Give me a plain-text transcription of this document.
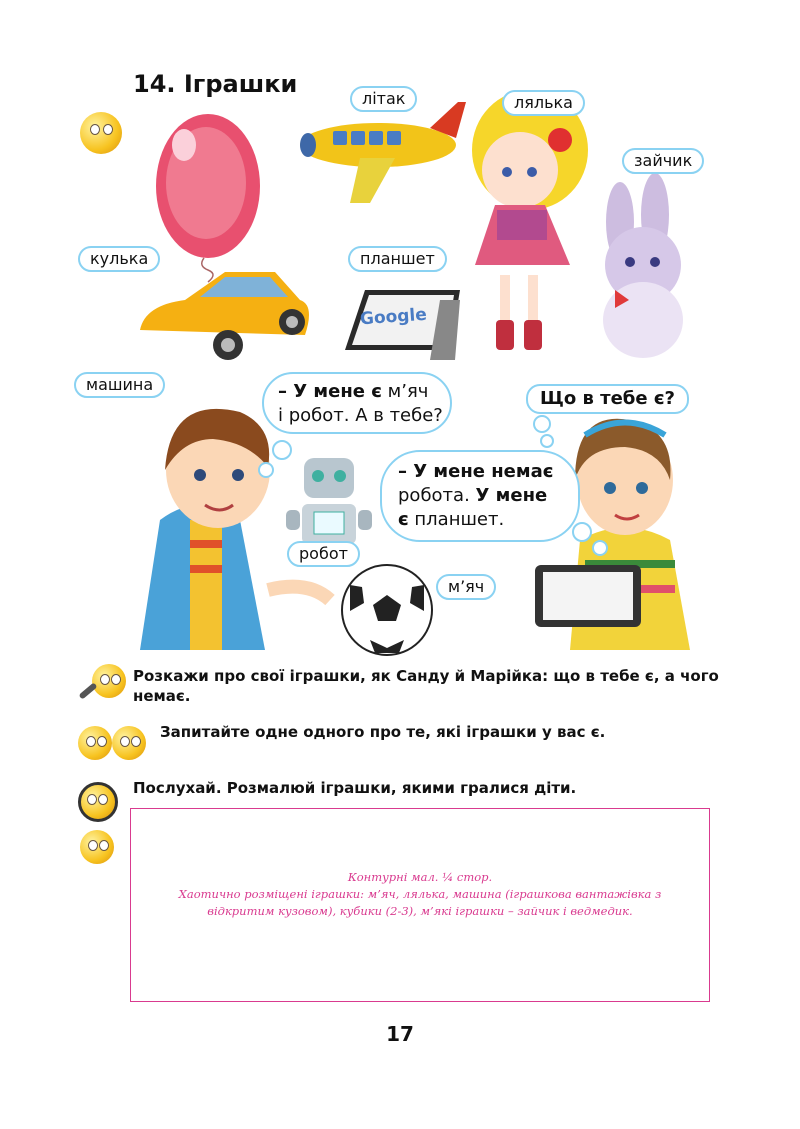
14. Іграшки
Google
літак	лялька
зайчик
кулька	планшет
машина
робот
м’яч
– У мене є м’яч
і робот. А в тебе?
Що в тебе є?
– У мене немає
робота. У мене
є планшет.
Розкажи про свої іграшки, як Санду й Марійка: що в тебе є, а чого немає.
Запитайте одне одного про те, які іграшки у вас є.
Послухай. Розмалюй іграшки, якими гралися діти.
Контурні мал. ¼ стор.
Хаотично розміщені іграшки: м’яч, лялька, машина (іграшкова вантажівка з
відкритим кузовом), кубики (2-3), м’які іграшки – зайчик і ведмедик.
17
